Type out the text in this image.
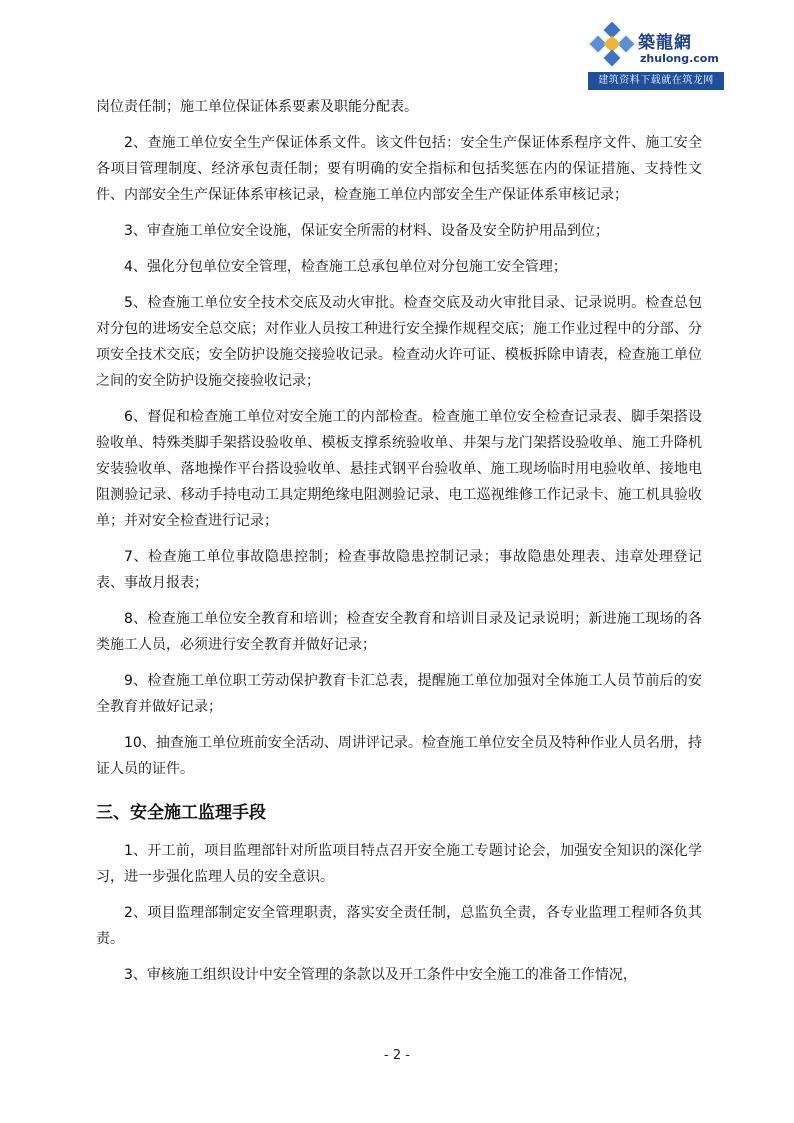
築龍網
zhulong.com
建筑资料下载就在筑龙网

岗位责任制；施工单位保证体系要素及职能分配表。

2、查施工单位安全生产保证体系文件。该文件包括：安全生产保证体系程序文件、施工安全各项目管理制度、经济承包责任制；要有明确的安全指标和包括奖惩在内的保证措施、支持性文件、内部安全生产保证体系审核记录，检查施工单位内部安全生产保证体系审核记录；

3、审查施工单位安全设施，保证安全所需的材料、设备及安全防护用品到位；

4、强化分包单位安全管理，检查施工总承包单位对分包施工安全管理；

5、检查施工单位安全技术交底及动火审批。检查交底及动火审批目录、记录说明。检查总包对分包的进场安全总交底；对作业人员按工种进行安全操作规程交底；施工作业过程中的分部、分项安全技术交底；安全防护设施交接验收记录。检查动火许可证、模板拆除申请表，检查施工单位之间的安全防护设施交接验收记录；

6、督促和检查施工单位对安全施工的内部检查。检查施工单位安全检查记录表、脚手架搭设验收单、特殊类脚手架搭设验收单、模板支撑系统验收单、井架与龙门架搭设验收单、施工升降机安装验收单、落地操作平台搭设验收单、悬挂式钢平台验收单、施工现场临时用电验收单、接地电阻测验记录、移动手持电动工具定期绝缘电阻测验记录、电工巡视维修工作记录卡、施工机具验收单；并对安全检查进行记录；

7、检查施工单位事故隐患控制；检查事故隐患控制记录；事故隐患处理表、违章处理登记表、事故月报表；

8、检查施工单位安全教育和培训；检查安全教育和培训目录及记录说明；新进施工现场的各类施工人员，必须进行安全教育并做好记录；

9、检查施工单位职工劳动保护教育卡汇总表，提醒施工单位加强对全体施工人员节前后的安全教育并做好记录；

10、抽查施工单位班前安全活动、周讲评记录。检查施工单位安全员及特种作业人员名册，持证人员的证件。

三、安全施工监理手段

1、开工前，项目监理部针对所监项目特点召开安全施工专题讨论会，加强安全知识的深化学习，进一步强化监理人员的安全意识。

2、项目监理部制定安全管理职责，落实安全责任制，总监负全责，各专业监理工程师各负其责。

3、审核施工组织设计中安全管理的条款以及开工条件中安全施工的准备工作情况，

- 2 -
